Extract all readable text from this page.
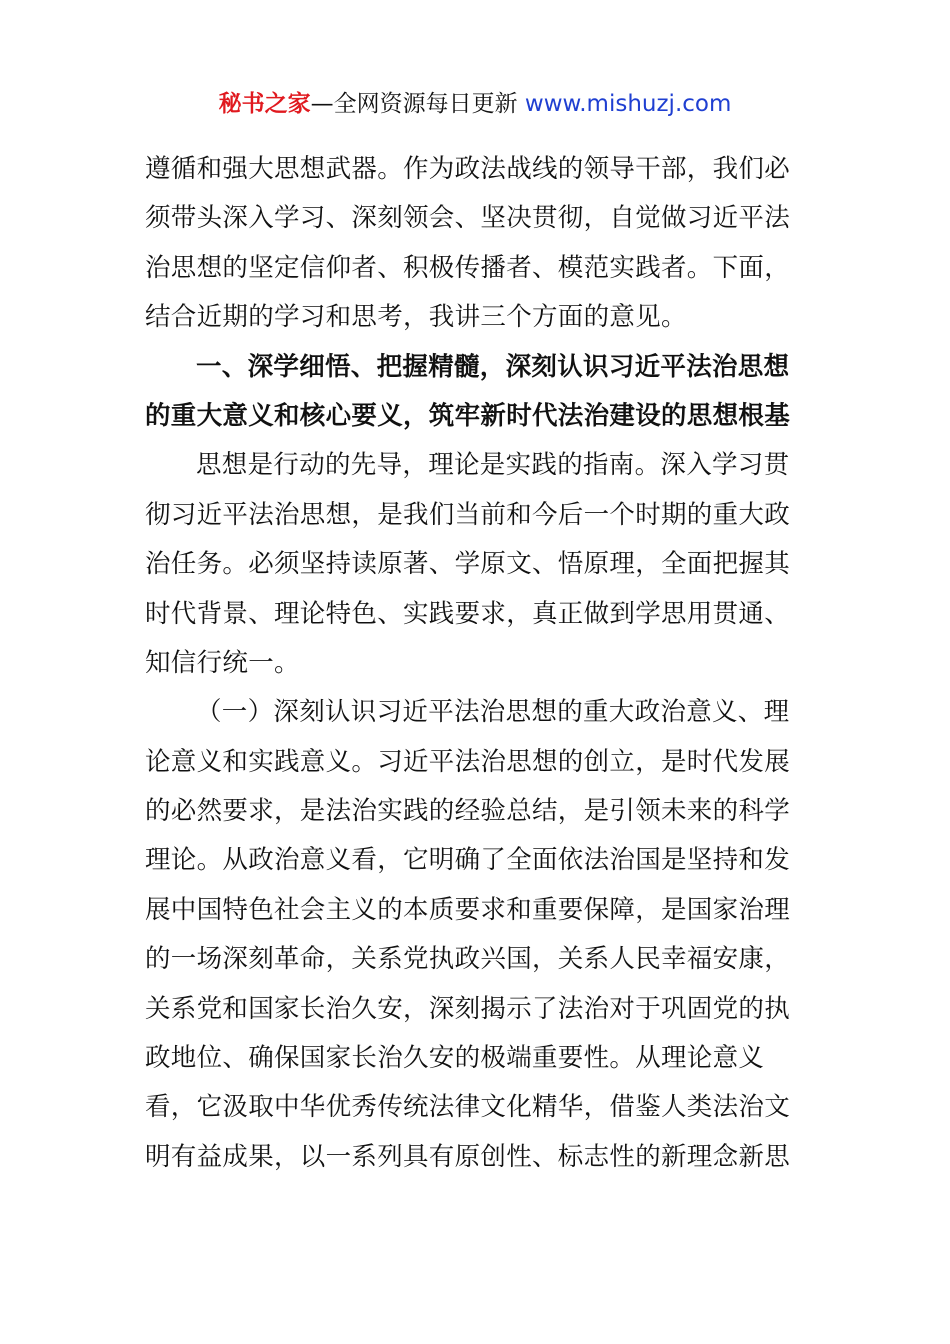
秘书之家—全网资源每日更新 www.mishuzj.com
遵循和强大思想武器。作为政法战线的领导干部，我们必
须带头深入学习、深刻领会、坚决贯彻，自觉做习近平法
治思想的坚定信仰者、积极传播者、模范实践者。下面，
结合近期的学习和思考，我讲三个方面的意见。
一、深学细悟、把握精髓，深刻认识习近平法治思想
的重大意义和核心要义，筑牢新时代法治建设的思想根基
思想是行动的先导，理论是实践的指南。深入学习贯
彻习近平法治思想，是我们当前和今后一个时期的重大政
治任务。必须坚持读原著、学原文、悟原理，全面把握其
时代背景、理论特色、实践要求，真正做到学思用贯通、
知信行统一。
（一）深刻认识习近平法治思想的重大政治意义、理
论意义和实践意义。习近平法治思想的创立，是时代发展
的必然要求，是法治实践的经验总结，是引领未来的科学
理论。从政治意义看，它明确了全面依法治国是坚持和发
展中国特色社会主义的本质要求和重要保障，是国家治理
的一场深刻革命，关系党执政兴国，关系人民幸福安康，
关系党和国家长治久安，深刻揭示了法治对于巩固党的执
政地位、确保国家长治久安的极端重要性。从理论意义
看，它汲取中华优秀传统法律文化精华，借鉴人类法治文
明有益成果，以一系列具有原创性、标志性的新理念新思
